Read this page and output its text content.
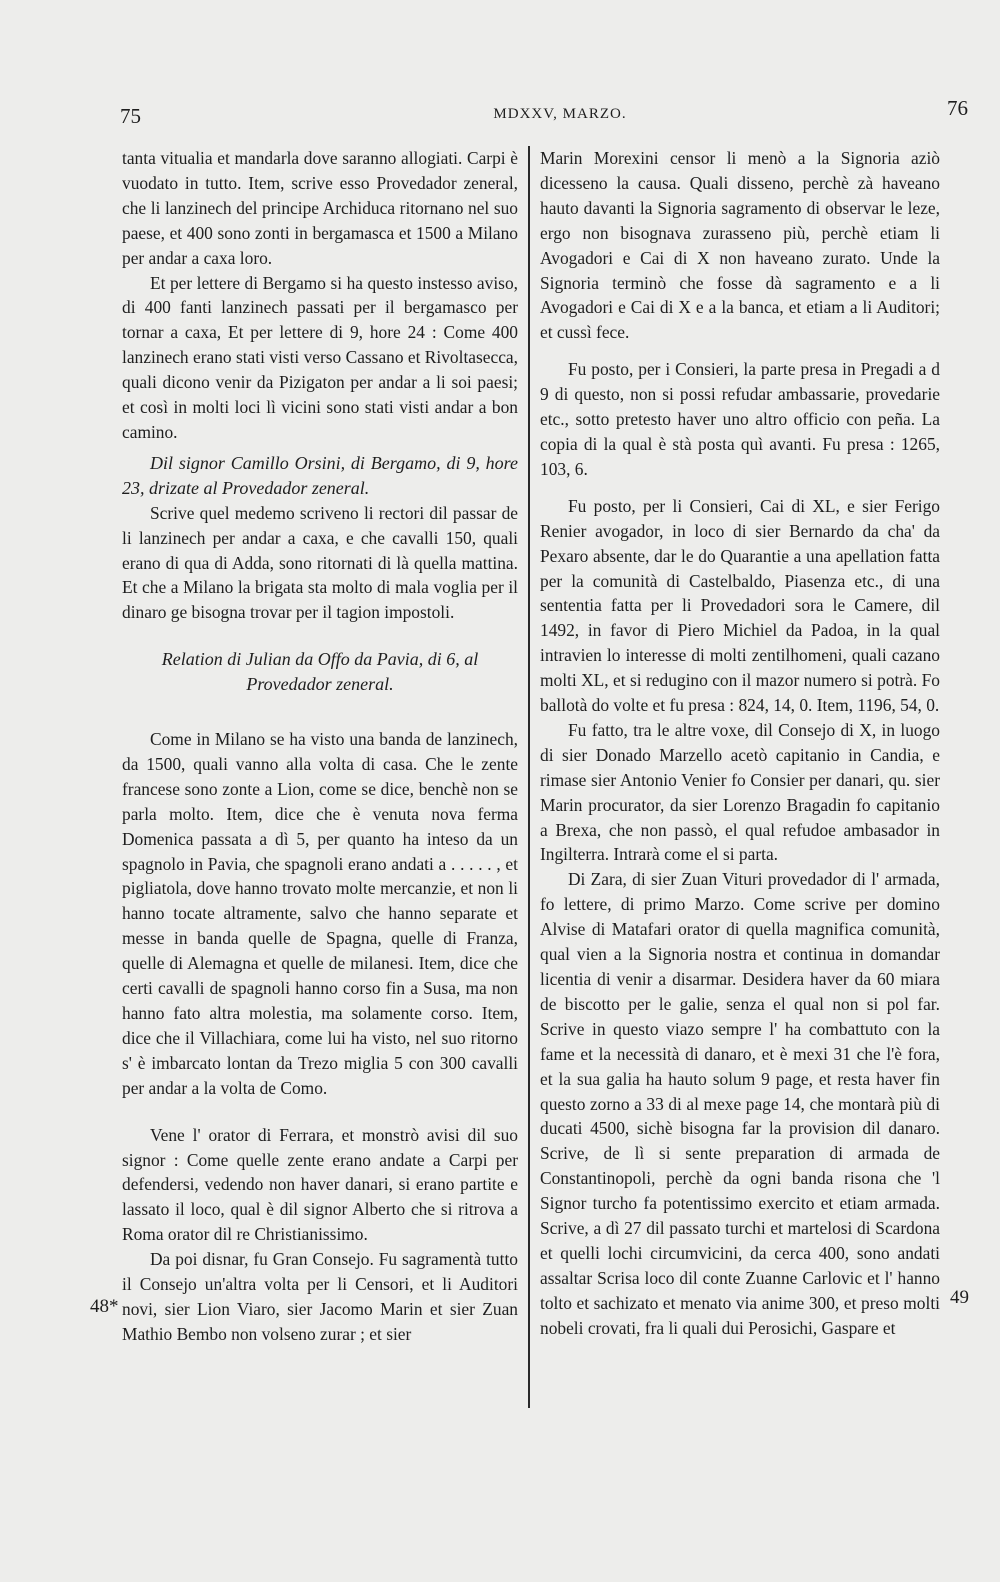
75	MDXXV, MARZO.	76

tanta vitualia et mandarla dove saranno allogiati. Carpi è vuodato in tutto. Item, scrive esso Provedador zeneral, che li lanzinech del principe Archiduca ritornano nel suo paese, et 400 sono zonti in bergamasca et 1500 a Milano per andar a caxa loro.

Et per lettere di Bergamo si ha questo instesso aviso, di 400 fanti lanzinech passati per il bergamasco per tornar a caxa, Et per lettere di 9, hore 24 : Come 400 lanzinech erano stati visti verso Cassano et Rivoltasecca, quali dicono venir da Pizigaton per andar a li soi paesi; et così in molti loci lì vicini sono stati visti andar a bon camino.

Dil signor Camillo Orsini, di Bergamo, di 9, hore 23, drizate al Provedador zeneral.

Scrive quel medemo scriveno li rectori dil passar de li lanzinech per andar a caxa, e che cavalli 150, quali erano di qua di Adda, sono ritornati di là quella mattina. Et che a Milano la brigata sta molto di mala voglia per il dinaro ge bisogna trovar per il tagion impostoli.

Relation di Julian da Offo da Pavia, di 6, al Provedador zeneral.

Come in Milano se ha visto una banda de lanzinech, da 1500, quali vanno alla volta di casa. Che le zente francese sono zonte a Lion, come se dice, benchè non se parla molto. Item, dice che è venuta nova ferma Domenica passata a dì 5, per quanto ha inteso da un spagnolo in Pavia, che spagnoli erano andati a . . . . . , et pigliatola, dove hanno trovato molte mercanzie, et non li hanno tocate altramente, salvo che hanno separate et messe in banda quelle de Spagna, quelle di Franza, quelle di Alemagna et quelle de milanesi. Item, dice che certi cavalli de spagnoli hanno corso fin a Susa, ma non hanno fato altra molestia, ma solamente corso. Item, dice che il Villachiara, come lui ha visto, nel suo ritorno s' è imbarcato lontan da Trezo miglia 5 con 300 cavalli per andar a la volta de Como.

Vene l' orator di Ferrara, et monstrò avisi dil suo signor : Come quelle zente erano andate a Carpi per defendersi, vedendo non haver danari, si erano partite e lassato il loco, qual è dil signor Alberto che si ritrova a Roma orator dil re Christianissimo.

Da poi disnar, fu Gran Consejo. Fu sagramentà tutto il Consejo un'altra volta per li Censori, et li Auditori novi, sier Lion Viaro, sier Jacomo Marin et sier Zuan Mathio Bembo non volseno zurar ; et sier

Marin Morexini censor li menò a la Signoria aziò dicesseno la causa. Quali disseno, perchè zà haveano hauto davanti la Signoria sagramento di observar le leze, ergo non bisognava zurasseno più, perchè etiam li Avogadori e Cai di X non haveano zurato. Unde la Signoria terminò che fosse dà sagramento e a li Avogadori e Cai di X e a la banca, et etiam a li Auditori; et cussì fece.

Fu posto, per i Consieri, la parte presa in Pregadi a d 9 di questo, non si possi refudar ambassarie, provedarie etc., sotto pretesto haver uno altro officio con peña. La copia di la qual è stà posta quì avanti. Fu presa : 1265, 103, 6.

Fu posto, per li Consieri, Cai di XL, e sier Ferigo Renier avogador, in loco di sier Bernardo da cha' da Pexaro absente, dar le do Quarantie a una apellation fatta per la comunità di Castelbaldo, Piasenza etc., di una sententia fatta per li Provedadori sora le Camere, dil 1492, in favor di Piero Michiel da Padoa, in la qual intravien lo interesse di molti zentilhomeni, quali cazano molti XL, et si redugino con il mazor numero si potrà. Fo ballotà do volte et fu presa : 824, 14, 0. Item, 1196, 54, 0.

Fu fatto, tra le altre voxe, dil Consejo di X, in luogo di sier Donado Marzello acetò capitanio in Candia, e rimase sier Antonio Venier fo Consier per danari, qu. sier Marin procurator, da sier Lorenzo Bragadin fo capitanio a Brexa, che non passò, el qual refudoe ambasador in Ingilterra. Intrarà come el si parta.

Di Zara, di sier Zuan Vituri provedador di l' armada, fo lettere, di primo Marzo. Come scrive per domino Alvise di Matafari orator di quella magnifica comunità, qual vien a la Signoria nostra et continua in domandar licentia di venir a disarmar. Desidera haver da 60 miara de biscotto per le galie, senza el qual non si pol far. Scrive in questo viazo sempre l' ha combattuto con la fame et la necessità di danaro, et è mexi 31 che l'è fora, et la sua galia ha hauto solum 9 page, et resta haver fin questo zorno a 33 di al mexe page 14, che montarà più di ducati 4500, sichè bisogna far la provision dil danaro. Scrive, de lì si sente preparation di armada de Constantinopoli, perchè da ogni banda risona che 'l Signor turcho fa potentissimo exercito et etiam armada. Scrive, a dì 27 dil passato turchi et martelosi di Scardona et quelli lochi circumvicini, da cerca 400, sono andati assaltar Scrisa loco dil conte Zuanne Carlovic et l' hanno tolto et sachizato et menato via anime 300, et preso molti nobeli crovati, fra li quali dui Perosichi, Gaspare et

48*	49
